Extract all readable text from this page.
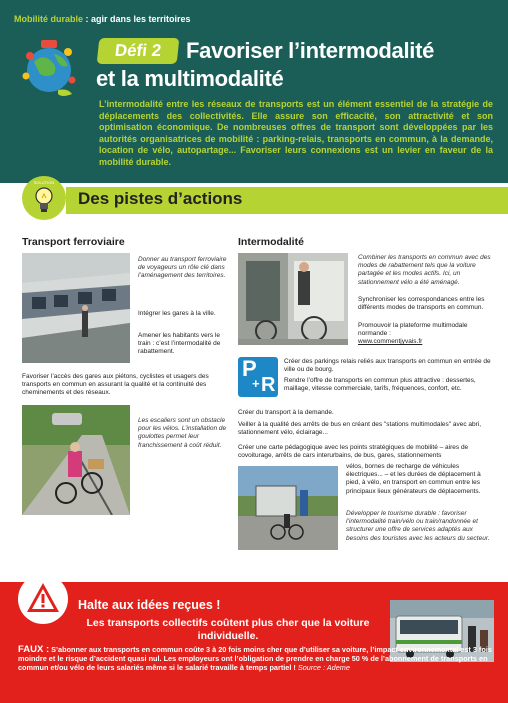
Mobilité durable : agir dans les territoires
Défi 2	Favoriser l’intermodalité
et la multimodalité
L’intermodalité entre les réseaux de transports est un élément essentiel de la stratégie de déplacements des collectivités. Elle assure son efficacité, son attractivité et son optimisation économique. De nombreuses offres de transport sont développées par les autorités organisatrices de mobilité : parking-relais, transports en commun, à la demande, location de vélo, autopartage... Favoriser leurs connexions est un levier en faveur de la mobilité durable.
SOLUTION
Des pistes d’actions
Transport ferroviaire
Donner au transport ferroviaire de voyageurs un rôle clé dans l’aménagement des territoires.
Intégrer les gares à la ville.
Amener les habitants vers le train : c’est l’intermodalité de rabattement.
Favoriser l’accès des gares aux piétons, cyclistes et usagers des transports en commun en assurant la qualité et la continuité des cheminements et des réseaux.
Les escaliers sont un obstacle pour les vélos. L’installation de goulottes permet leur franchissement à coût réduit.
Intermodalité
Combiner les transports en commun avec des modes de rabattement tels que la voiture partagée et les modes actifs. Ici, un stationnement vélo a été aménagé.
Synchroniser les correspondances entre les différents modes de transports en commun.
Promouvoir la plateforme multimodale normande :
www.commentjyvais.fr
P
+ R
Créer des parkings relais reliés aux transports en commun en entrée de ville ou de bourg.
Rendre l’offre de transports en commun plus attractive : dessertes, maillage, vitesse commerciale, tarifs, fréquences, confort, etc.
Créer du transport à la demande.
Veiller à la qualité des arrêts de bus en créant des "stations multimodales" avec abri, stationnement vélo, éclairage...
Créer une carte pédagogique avec les points stratégiques de mobilité – aires de covoiturage, arrêts de cars interurbains, de bus, gares, stationnements
vélos, bornes de recharge de véhicules électriques... – et les durées de déplacement à pied, à vélo, en transport en commun entre les principaux lieux générateurs de déplacements.
Développer le tourisme durable : favoriser l’intermodalité train/vélo ou train/randonnée et structurer une offre de services adaptés aux besoins des touristes avec les acteurs du secteur.
Halte aux idées reçues !
Les transports collectifs coûtent plus cher que la voiture individuelle.
FAUX : S’abonner aux transports en commun coûte 3 à 20 fois moins cher que d’utiliser sa voiture, l’impact environnemental est 3 fois moindre et le risque d’accident quasi nul. Les employeurs ont l’obligation de prendre en charge 50 % de l’abonnement de transports en commun et/ou vélo de leurs salariés même si le salarié travaille à temps partiel ! Source : Ademe
